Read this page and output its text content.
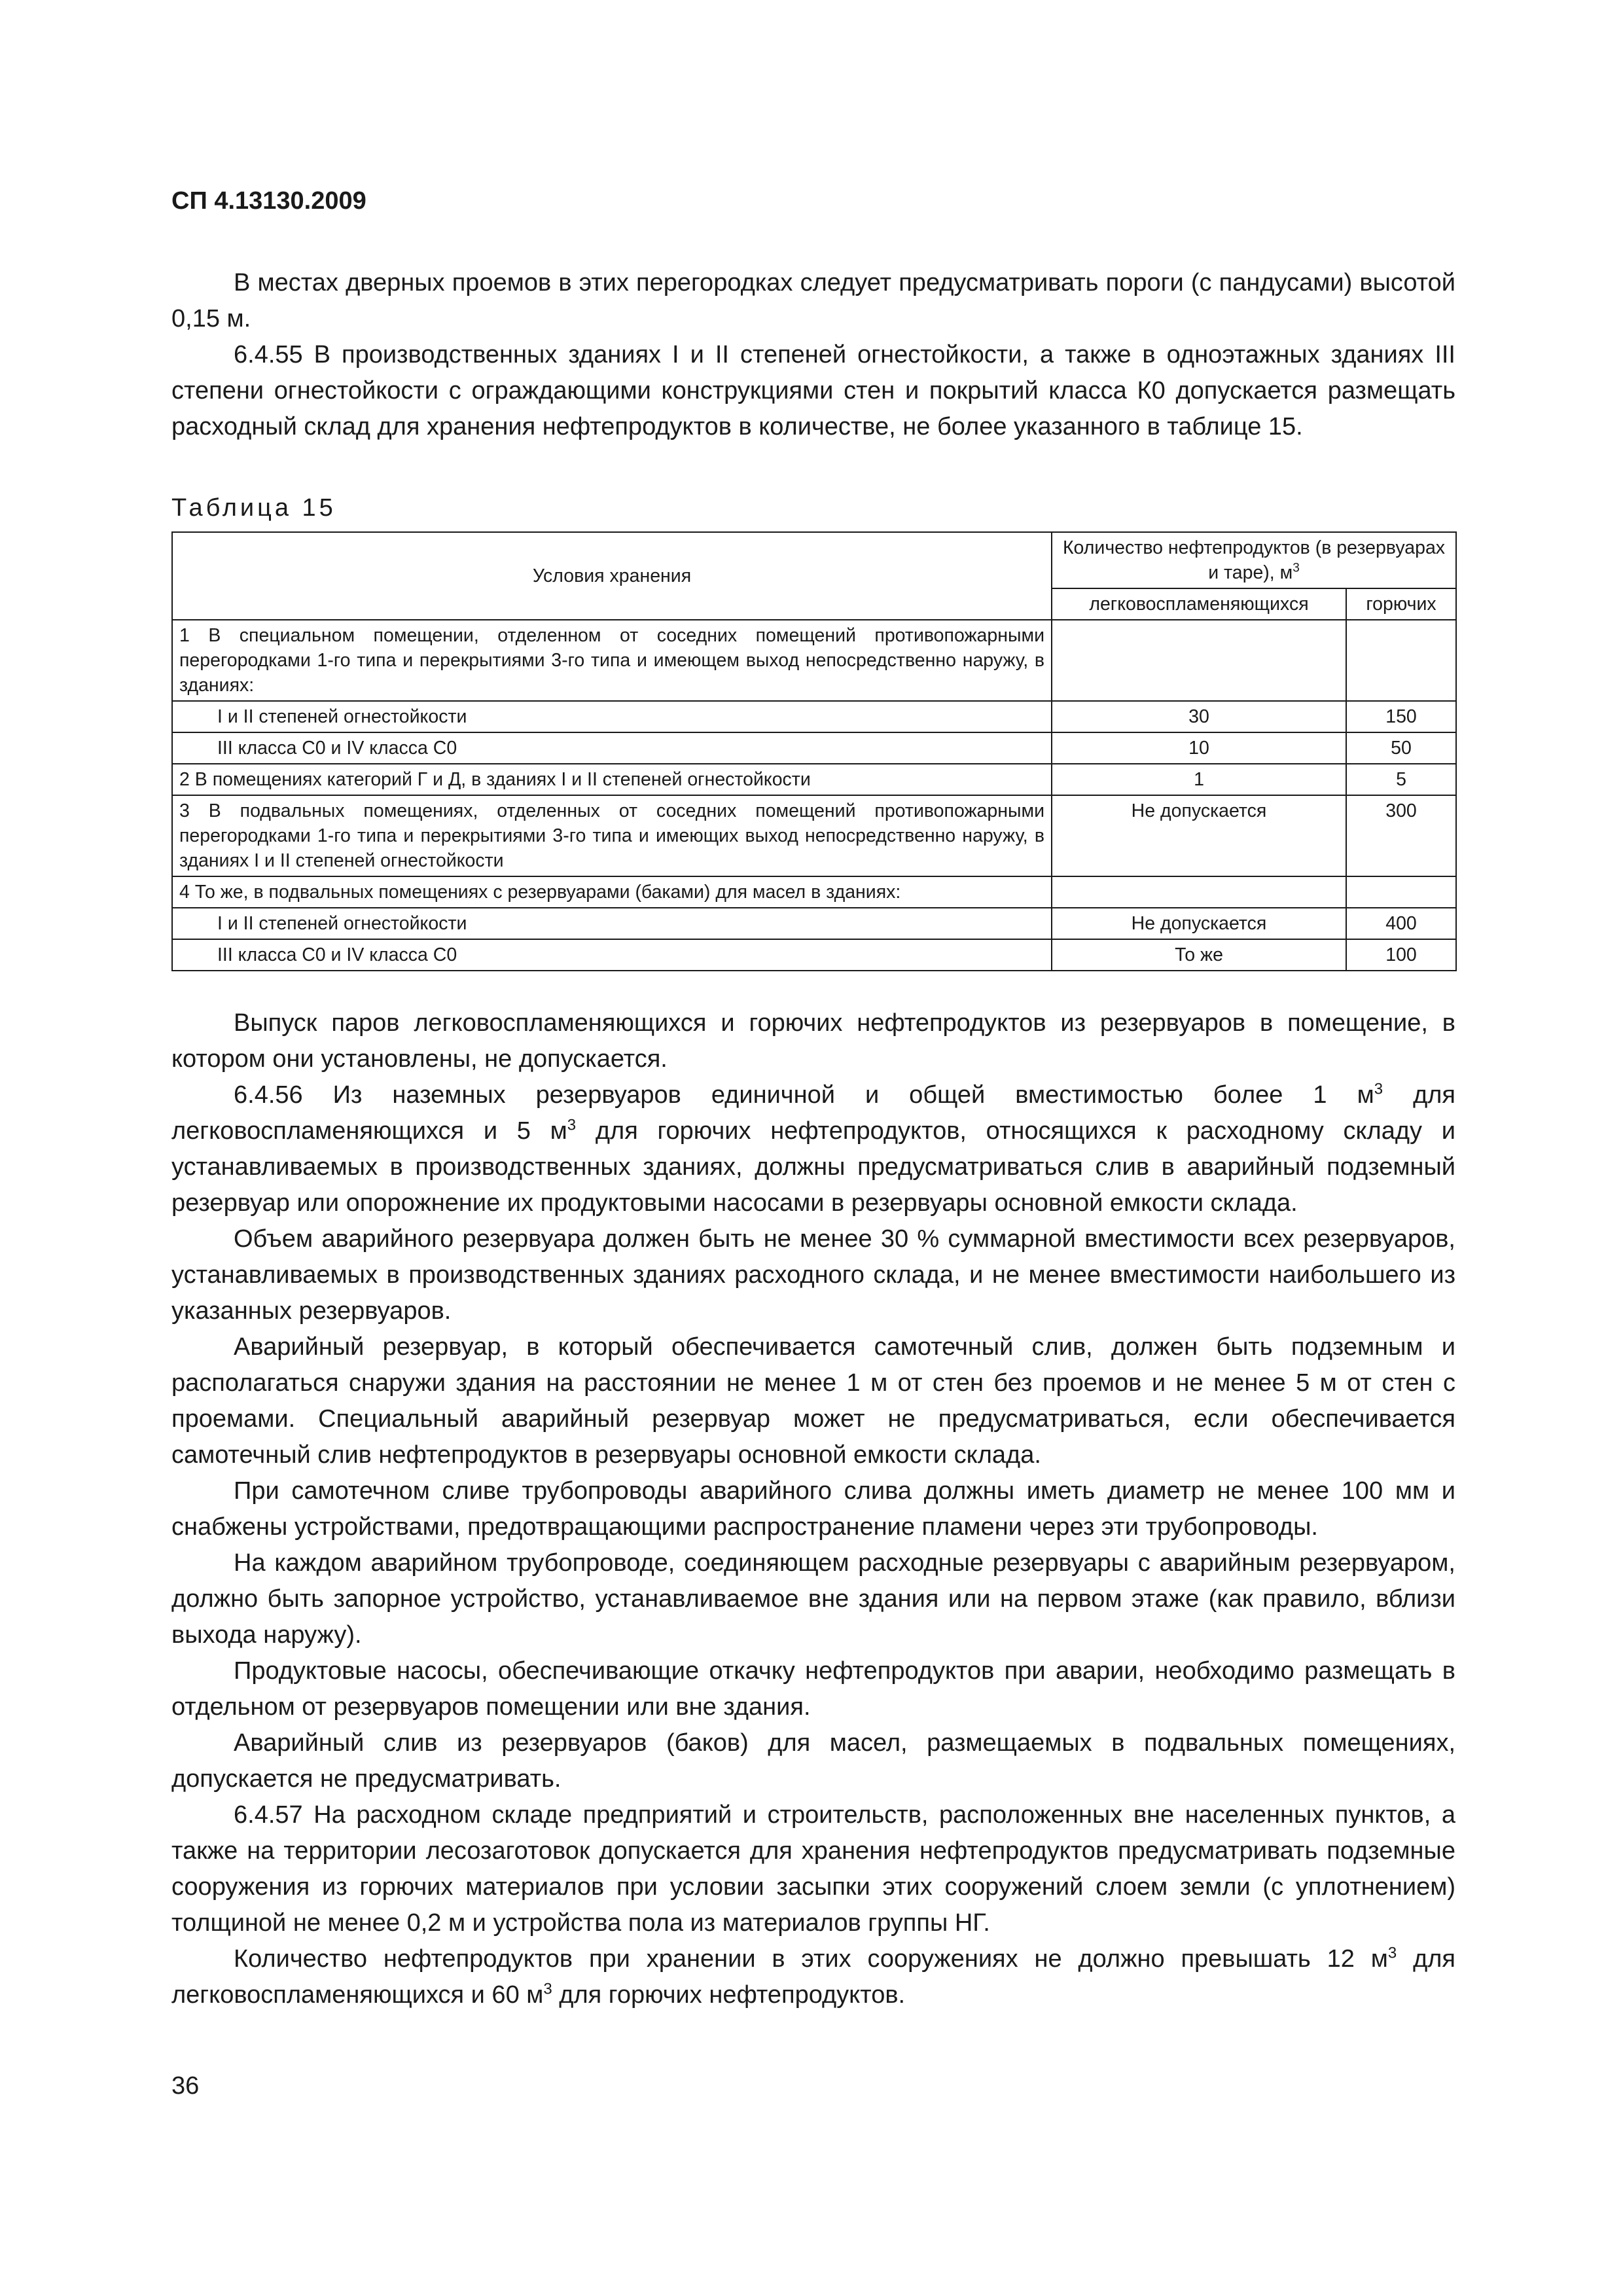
СП 4.13130.2009

В местах дверных проемов в этих перегородках следует предусматривать пороги (с пандусами) высотой 0,15 м.

6.4.55 В производственных зданиях I и II степеней огнестойкости, а также в одноэтажных зданиях III степени огнестойкости с ограждающими конструкциями стен и покрытий класса К0 допускается размещать расходный склад для хранения нефтепродуктов в количестве, не более указанного в таблице 15.

Таблица 15
Условия хранения	Количество нефтепродуктов (в резервуарах и таре), $м^3$
	легковоспламеняющихся	горючих
1 В специальном помещении, отделенном от соседних помещений противопожарными перегородками 1-го типа и перекрытиями 3-го типа и имеющем выход непосредственно наружу, в зданиях:		
I и II степеней огнестойкости	30	150
III класса С0 и IV класса С0	10	50
2 В помещениях категорий Г и Д, в зданиях I и II степеней огнестойкости	1	5
3 В подвальных помещениях, отделенных от соседних помещений противопожарными перегородками 1-го типа и перекрытиями 3-го типа и имеющих выход непосредственно наружу, в зданиях I и II степеней огнестойкости	Не допускается	300
4 То же, в подвальных помещениях с резервуарами (баками) для масел в зданиях:		
I и II степеней огнестойкости	Не допускается	400
III класса С0 и IV класса С0	То же	100

Выпуск паров легковоспламеняющихся и горючих нефтепродуктов из резервуаров в помещение, в котором они установлены, не допускается.

6.4.56 Из наземных резервуаров единичной и общей вместимостью более 1 $м^3$ для легковоспламеняющихся и 5 $м^3$ для горючих нефтепродуктов, относящихся к расходному складу и устанавливаемых в производственных зданиях, должны предусматриваться слив в аварийный подземный резервуар или опорожнение их продуктовыми насосами в резервуары основной емкости склада.

Объем аварийного резервуара должен быть не менее 30 % суммарной вместимости всех резервуаров, устанавливаемых в производственных зданиях расходного склада, и не менее вместимости наибольшего из указанных резервуаров.

Аварийный резервуар, в который обеспечивается самотечный слив, должен быть подземным и располагаться снаружи здания на расстоянии не менее 1 м от стен без проемов и не менее 5 м от стен с проемами. Специальный аварийный резервуар может не предусматриваться, если обеспечивается самотечный слив нефтепродуктов в резервуары основной емкости склада.

При самотечном сливе трубопроводы аварийного слива должны иметь диаметр не менее 100 мм и снабжены устройствами, предотвращающими распространение пламени через эти трубопроводы.

На каждом аварийном трубопроводе, соединяющем расходные резервуары с аварийным резервуаром, должно быть запорное устройство, устанавливаемое вне здания или на первом этаже (как правило, вблизи выхода наружу).

Продуктовые насосы, обеспечивающие откачку нефтепродуктов при аварии, необходимо размещать в отдельном от резервуаров помещении или вне здания.

Аварийный слив из резервуаров (баков) для масел, размещаемых в подвальных помещениях, допускается не предусматривать.

6.4.57 На расходном складе предприятий и строительств, расположенных вне населенных пунктов, а также на территории лесозаготовок допускается для хранения нефтепродуктов предусматривать подземные сооружения из горючих материалов при условии засыпки этих сооружений слоем земли (с уплотнением) толщиной не менее 0,2 м и устройства пола из материалов группы НГ.

Количество нефтепродуктов при хранении в этих сооружениях не должно превышать 12 $м^3$ для легковоспламеняющихся и 60 $м^3$ для горючих нефтепродуктов.

36
